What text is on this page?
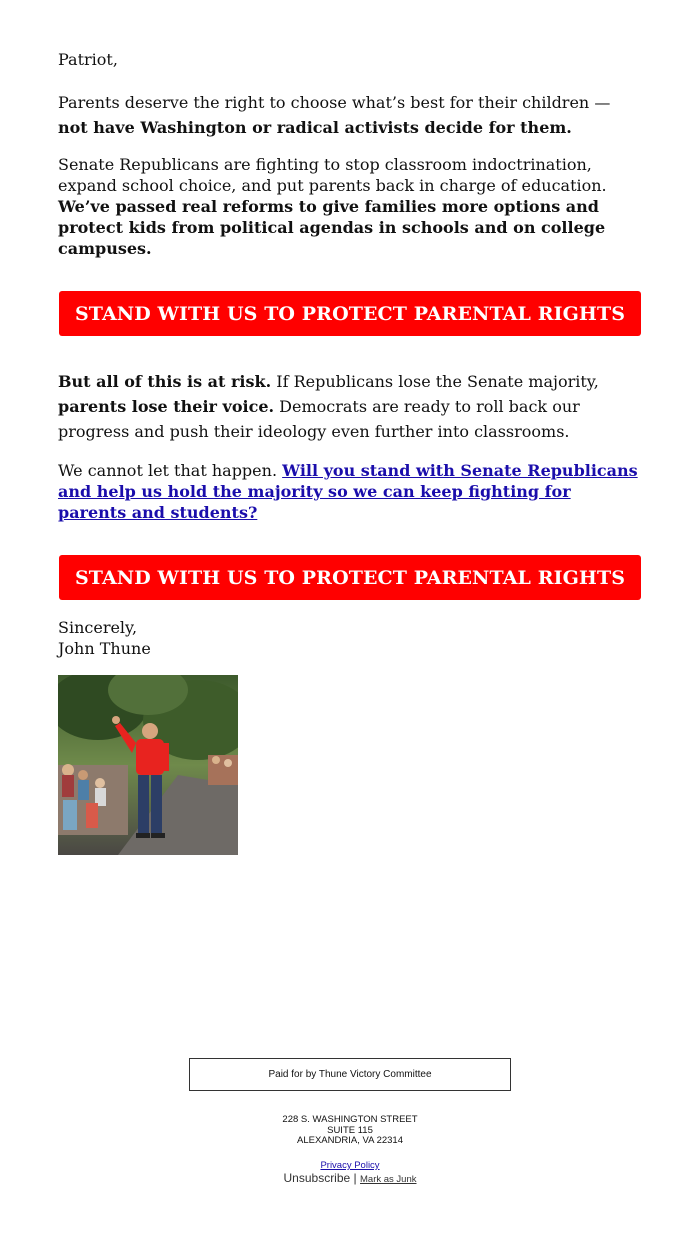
Patriot,
Parents deserve the right to choose what’s best for their children — not have Washington or radical activists decide for them.
Senate Republicans are fighting to stop classroom indoctrination, expand school choice, and put parents back in charge of education.
We’ve passed real reforms to give families more options and protect kids from political agendas in schools and on college campuses.
STAND WITH US TO PROTECT PARENTAL RIGHTS
But all of this is at risk. If Republicans lose the Senate majority, parents lose their voice. Democrats are ready to roll back our progress and push their ideology even further into classrooms.
We cannot let that happen. Will you stand with Senate Republicans and help us hold the majority so we can keep fighting for parents and students?
STAND WITH US TO PROTECT PARENTAL RIGHTS
Sincerely,
John Thune
Paid for by Thune Victory Committee
228 S. WASHINGTON STREET
SUITE 115
ALEXANDRIA, VA 22314
Privacy Policy
Unsubscribe | Mark as Junk
